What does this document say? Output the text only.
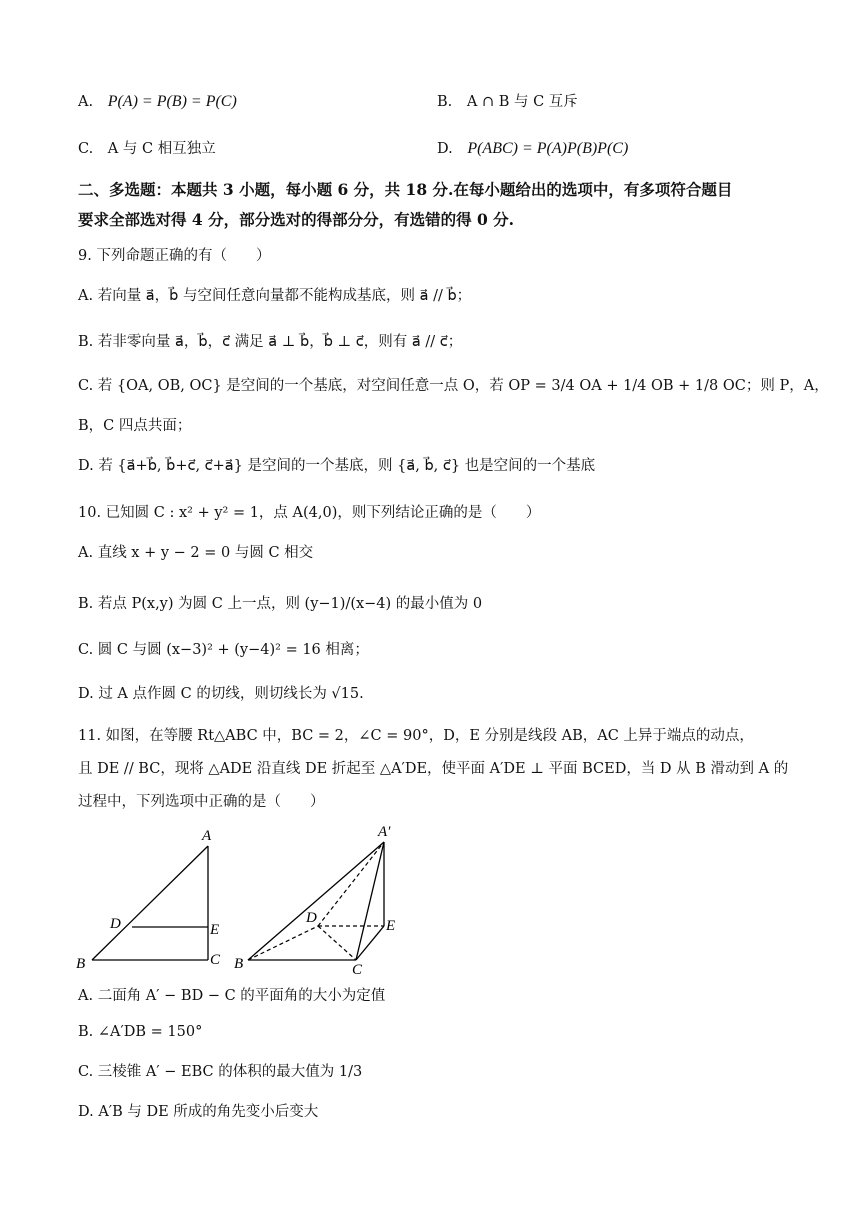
A. P(A) = P(B) = P(C)	B. A ∩ B 与 C 互斥
C. A 与 C 相互独立	D. P(ABC) = P(A)P(B)P(C)
二、多选题：本题共 3 小题，每小题 6 分，共 18 分.在每小题给出的选项中，有多项符合题目
要求全部选对得 4 分，部分选对的得部分分，有选错的得 0 分.
9. 下列命题正确的有（　　）
A. 若向量 a⃗，b⃗ 与空间任意向量都不能构成基底，则 a⃗ // b⃗；
B. 若非零向量 a⃗，b⃗，c⃗ 满足 a⃗ ⊥ b⃗，b⃗ ⊥ c⃗，则有 a⃗ // c⃗；
C. 若 {OA, OB, OC} 是空间的一个基底，对空间任意一点 O，若 OP = 3/4 OA + 1/4 OB + 1/8 OC；则 P，A，
B，C 四点共面；
D. 若 {a⃗+b⃗, b⃗+c⃗, c⃗+a⃗} 是空间的一个基底，则 {a⃗, b⃗, c⃗} 也是空间的一个基底
10. 已知圆 C : x² + y² = 1，点 A(4,0)，则下列结论正确的是（　　）
A. 直线 x + y − 2 = 0 与圆 C 相交
B. 若点 P(x,y) 为圆 C 上一点，则 (y−1)/(x−4) 的最小值为 0
C. 圆 C 与圆 (x−3)² + (y−4)² = 16 相离；
D. 过 A 点作圆 C 的切线，则切线长为 √15.
11. 如图，在等腰 Rt△ABC 中，BC = 2，∠C = 90°，D，E 分别是线段 AB，AC 上异于端点的动点，
且 DE // BC，现将 △ADE 沿直线 DE 折起至 △A′DE，使平面 A′DE ⊥ 平面 BCED，当 D 从 B 滑动到 A 的
过程中，下列选项中正确的是（　　）
A
D	E
B	C
A′
D	E
B	C
A. 二面角 A′ − BD − C 的平面角的大小为定值
B. ∠A′DB = 150°
C. 三棱锥 A′ − EBC 的体积的最大值为 1/3
D. A′B 与 DE 所成的角先变小后变大
